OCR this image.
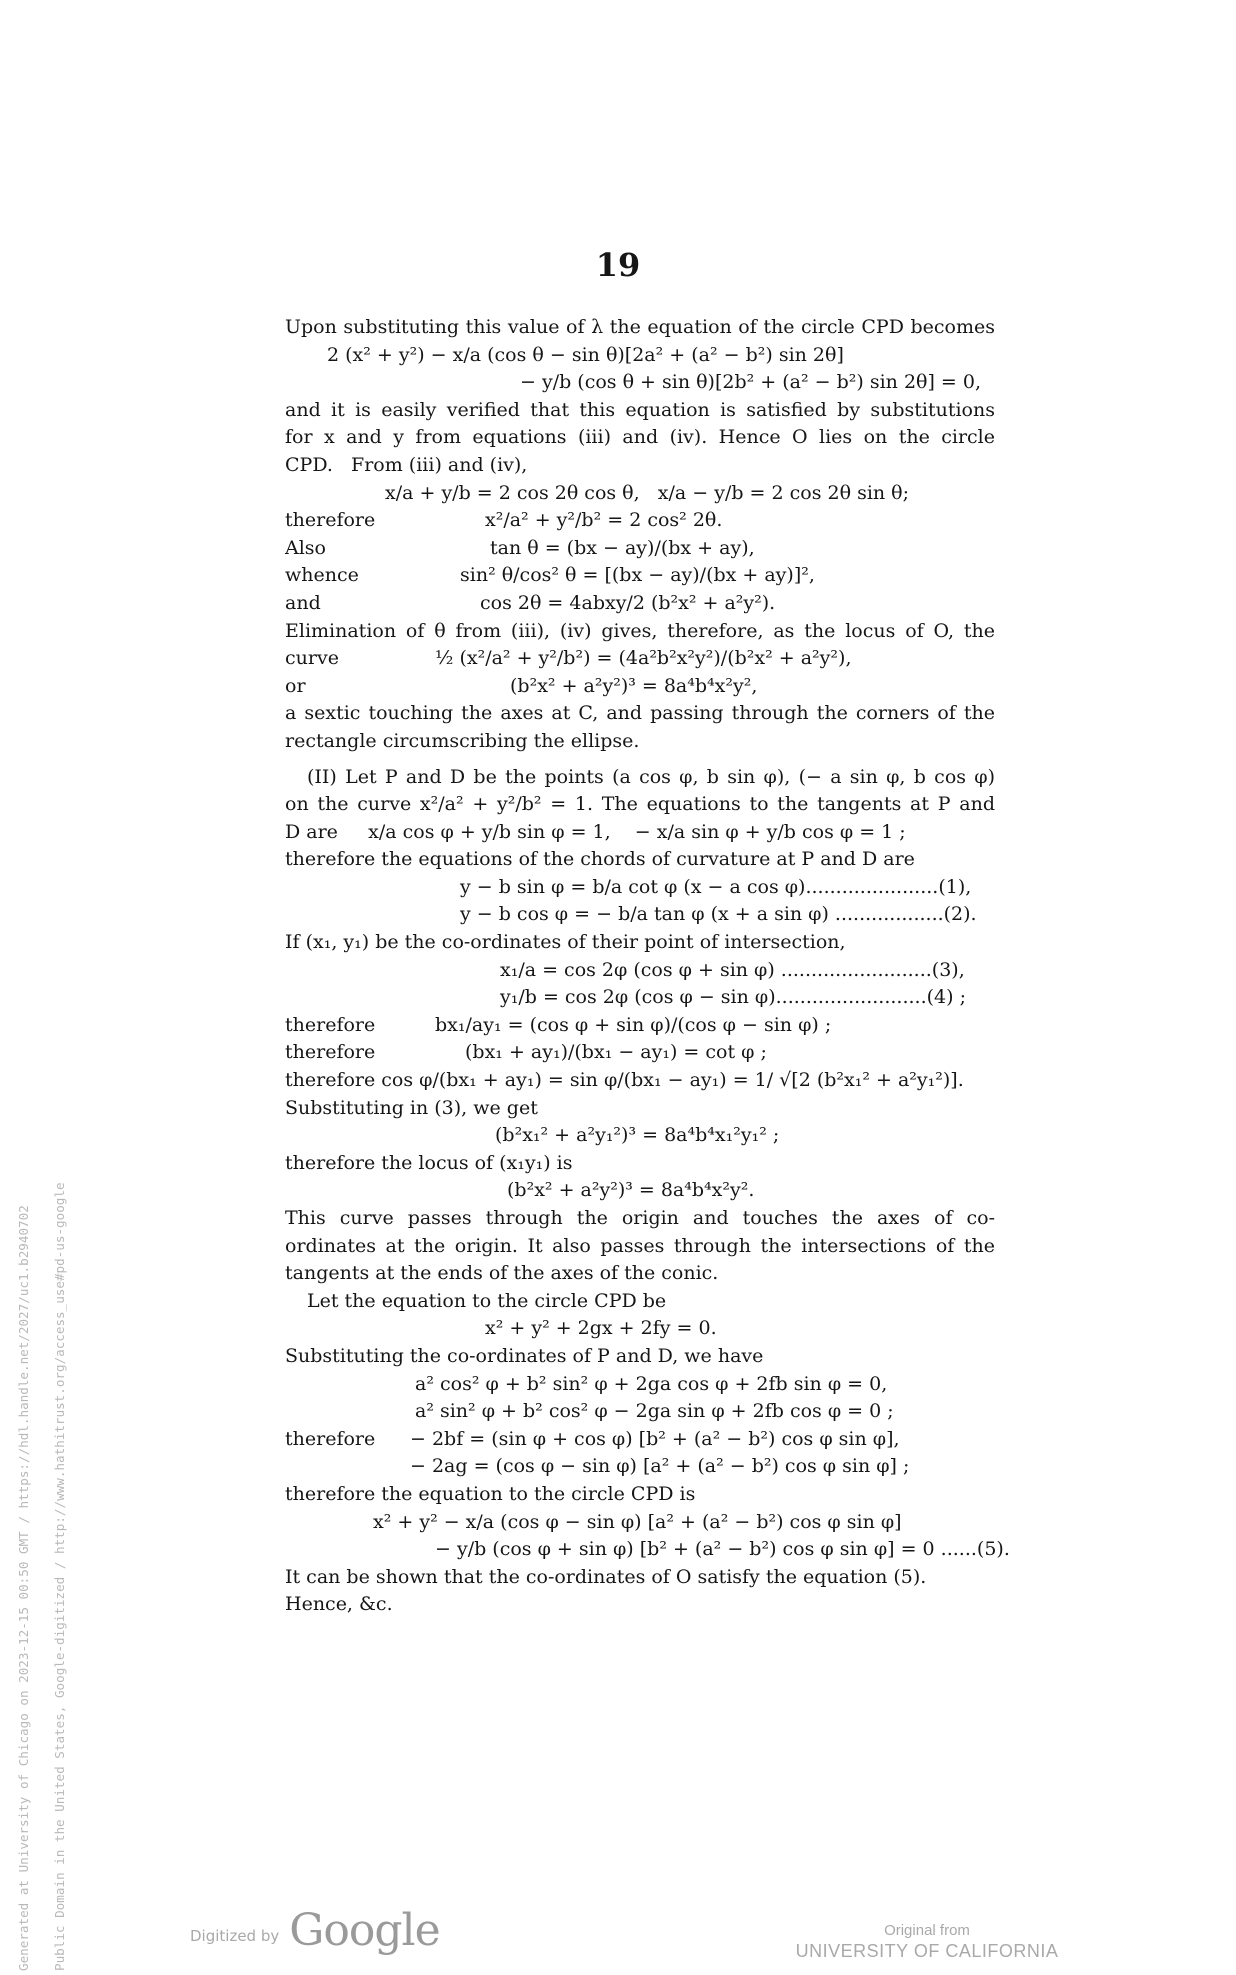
19
Upon substituting this value of λ the equation of the circle CPD becomes
2 (x² + y²) − x/a (cos θ − sin θ)[2a² + (a² − b²) sin 2θ]
− y/b (cos θ + sin θ)[2b² + (a² − b²) sin 2θ] = 0,
and it is easily verified that this equation is satisfied by substitutions
for x and y from equations (iii) and (iv). Hence O lies on the circle
CPD.   From (iii) and (iv),
x/a + y/b = 2 cos 2θ cos θ,   x/a − y/b = 2 cos 2θ sin θ;
therefore	x²/a² + y²/b² = 2 cos² 2θ.
Also	tan θ = (bx − ay)/(bx + ay),
whence	sin² θ/cos² θ = [(bx − ay)/(bx + ay)]²,
and	cos 2θ = 4abxy/2 (b²x² + a²y²).
Elimination of θ from (iii), (iv) gives, therefore, as the locus of O, the
curve	½ (x²/a² + y²/b²) = (4a²b²x²y²)/(b²x² + a²y²),
or	(b²x² + a²y²)³ = 8a⁴b⁴x²y²,
a sextic touching the axes at C, and passing through the corners of the
rectangle circumscribing the ellipse.
(II) Let P and D be the points (a cos φ, b sin φ), (− a sin φ, b cos φ)
on the curve x²/a² + y²/b² = 1. The equations to the tangents at P and
D are     x/a cos φ + y/b sin φ = 1,    − x/a sin φ + y/b cos φ = 1 ;
therefore the equations of the chords of curvature at P and D are
y − b sin φ = b/a cot φ (x − a cos φ)......................(1),
y − b cos φ = − b/a tan φ (x + a sin φ) ..................(2).
If (x₁, y₁) be the co-ordinates of their point of intersection,
x₁/a = cos 2φ (cos φ + sin φ) .........................(3),
y₁/b = cos 2φ (cos φ − sin φ).........................(4) ;
therefore	bx₁/ay₁ = (cos φ + sin φ)/(cos φ − sin φ) ;
therefore	(bx₁ + ay₁)/(bx₁ − ay₁) = cot φ ;
therefore cos φ/(bx₁ + ay₁) = sin φ/(bx₁ − ay₁) = 1/ √[2 (b²x₁² + a²y₁²)].
Substituting in (3), we get
(b²x₁² + a²y₁²)³ = 8a⁴b⁴x₁²y₁² ;
therefore the locus of (x₁y₁) is
(b²x² + a²y²)³ = 8a⁴b⁴x²y².
This curve passes through the origin and touches the axes of co-
ordinates at the origin. It also passes through the intersections of the
tangents at the ends of the axes of the conic.
Let the equation to the circle CPD be
x² + y² + 2gx + 2fy = 0.
Substituting the co-ordinates of P and D, we have
a² cos² φ + b² sin² φ + 2ga cos φ + 2fb sin φ = 0,
a² sin² φ + b² cos² φ − 2ga sin φ + 2fb cos φ = 0 ;
therefore − 2bf = (sin φ + cos φ) [b² + (a² − b²) cos φ sin φ],
− 2ag = (cos φ − sin φ) [a² + (a² − b²) cos φ sin φ] ;
therefore the equation to the circle CPD is
x² + y² − x/a (cos φ − sin φ) [a² + (a² − b²) cos φ sin φ]
− y/b (cos φ + sin φ) [b² + (a² − b²) cos φ sin φ] = 0 ......(5).
It can be shown that the co-ordinates of O satisfy the equation (5).
Hence, &c.
Generated at University of Chicago on 2023-12-15 00:50 GMT / https://hdl.handle.net/2027/uc1.b2940702 Public Domain in the United States, Google-digitized / http://www.hathitrust.org/access_use#pd-us-google	Digitized by Google	Original from
UNIVERSITY OF CALIFORNIA
